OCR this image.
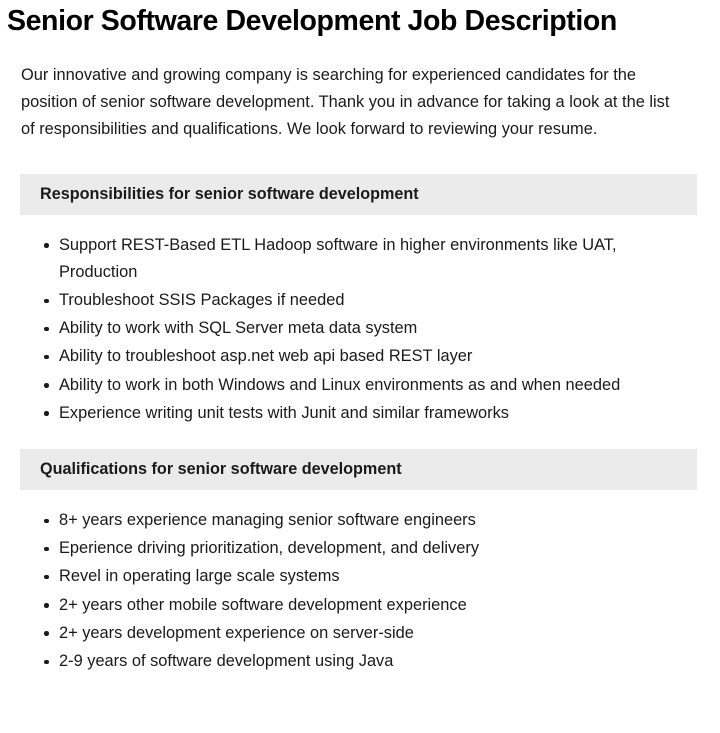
Senior Software Development Job Description

Our innovative and growing company is searching for experienced candidates for the position of senior software development. Thank you in advance for taking a look at the list of responsibilities and qualifications. We look forward to reviewing your resume.

Responsibilities for senior software development
Support REST-Based ETL Hadoop software in higher environments like UAT, Production
Troubleshoot SSIS Packages if needed
Ability to work with SQL Server meta data system
Ability to troubleshoot asp.net web api based REST layer
Ability to work in both Windows and Linux environments as and when needed
Experience writing unit tests with Junit and similar frameworks
Qualifications for senior software development
8+ years experience managing senior software engineers
Eperience driving prioritization, development, and delivery
Revel in operating large scale systems
2+ years other mobile software development experience
2+ years development experience on server-side
2-9 years of software development using Java
